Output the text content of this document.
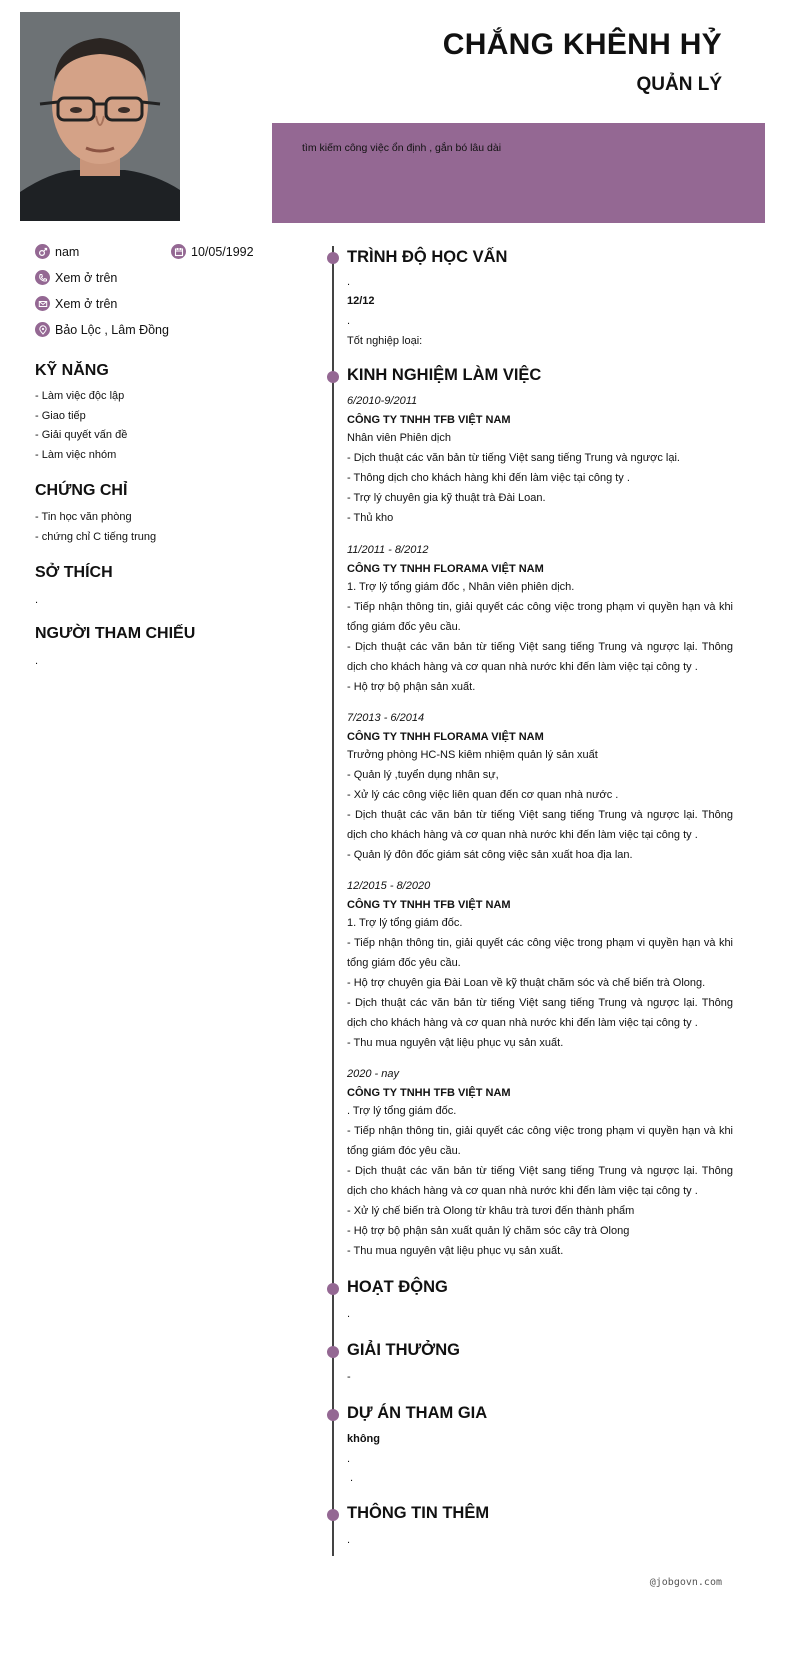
CHẮNG KHÊNH HỶ
QUẢN LÝ
tìm kiếm công việc ổn định , gắn bó lâu dài
nam	10/05/1992
Xem ở trên
Xem ở trên
Bảo Lộc , Lâm Đồng
KỸ NĂNG
- Làm việc độc lập
- Giao tiếp
- Giải quyết vấn đề
- Làm việc nhóm
CHỨNG CHỈ
- Tin học văn phòng
- chứng chỉ C tiếng trung
SỞ THÍCH
.
NGƯỜI THAM CHIẾU
.
TRÌNH ĐỘ HỌC VẤN
.
12/12
.
Tốt nghiệp loại:
KINH NGHIỆM LÀM VIỆC
6/2010-9/2011
CÔNG TY TNHH TFB VIỆT NAM
Nhân viên Phiên dịch
- Dịch thuật các văn bản từ tiếng Việt sang tiếng Trung và ngược lại.
- Thông dịch cho khách hàng khi đến làm việc tại công ty .
- Trợ lý chuyên gia kỹ thuật trà Đài Loan.
- Thủ kho
11/2011 - 8/2012
CÔNG TY TNHH FLORAMA VIỆT NAM
1. Trợ lý tổng giám đốc , Nhân viên phiên dịch.
- Tiếp nhận thông tin, giải quyết các công việc trong phạm vi quyền hạn và khi tổng giám đốc yêu cầu.
- Dịch thuật các văn bản từ tiếng Việt sang tiếng Trung và ngược lại. Thông dịch cho khách hàng và cơ quan nhà nước khi đến làm việc tại công ty .
- Hộ trợ bộ phận sản xuất.
7/2013 - 6/2014
CÔNG TY TNHH FLORAMA VIỆT NAM
Trưởng phòng HC-NS kiêm nhiệm quản lý sản xuất
- Quản lý ,tuyển dụng nhân sự,
- Xử lý các công việc liên quan đến cơ quan nhà nước .
- Dịch thuật các văn bản từ tiếng Việt sang tiếng Trung và ngược lại. Thông dịch cho khách hàng và cơ quan nhà nước khi đến làm việc tại công ty .
- Quản lý đôn đốc giám sát công việc sản xuất hoa địa lan.
12/2015 - 8/2020
CÔNG TY TNHH TFB VIỆT NAM
1. Trợ lý tổng giám đốc.
- Tiếp nhận thông tin, giải quyết các công việc trong phạm vi quyền hạn và khi tổng giám đốc yêu cầu.
- Hộ trợ chuyên gia Đài Loan về kỹ thuật chăm sóc và chế biến trà Olong.
- Dịch thuật các văn bản từ tiếng Việt sang tiếng Trung và ngược lại. Thông dịch cho khách hàng và cơ quan nhà nước khi đến làm việc tại công ty .
- Thu mua nguyên vật liệu phục vụ sản xuất.
2020 - nay
CÔNG TY TNHH TFB VIỆT NAM
. Trợ lý tổng giám đốc.
- Tiếp nhận thông tin, giải quyết các công việc trong phạm vi quyền hạn và khi tổng giám đóc yêu cầu.
- Dịch thuật các văn bản từ tiếng Việt sang tiếng Trung và ngược lại. Thông dịch cho khách hàng và cơ quan nhà nước khi đến làm việc tại công ty .
- Xử lý chế biến trà Olong từ khâu trà tươi đến thành phẩm
- Hộ trợ bộ phận sản xuất quản lý chăm sóc cây trà Olong
- Thu mua nguyên vật liệu phục vụ sản xuất.
HOẠT ĐỘNG
.
GIẢI THƯỞNG
-
DỰ ÁN THAM GIA
không
.
.
THÔNG TIN THÊM
.
@jobgovn.com
